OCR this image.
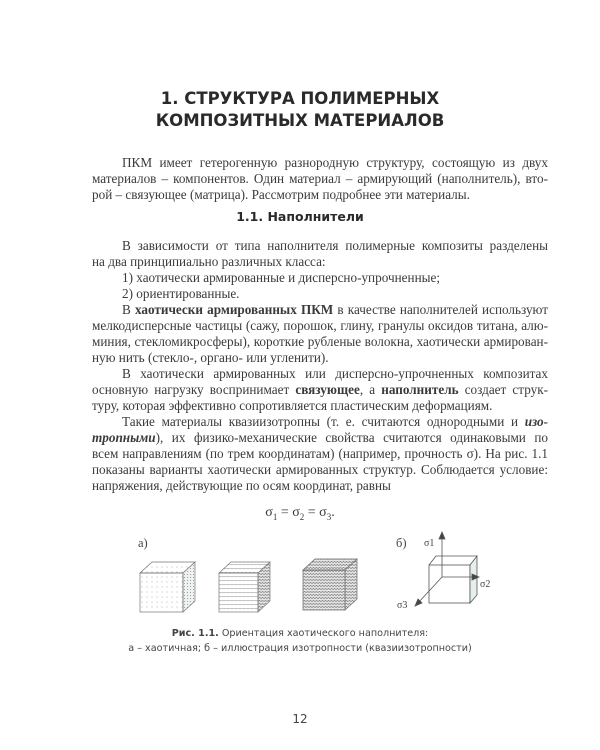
1. СТРУКТУРА ПОЛИМЕРНЫХ
КОМПОЗИТНЫХ МАТЕРИАЛОВ
ПКМ имеет гетерогенную разнородную структуру, состоящую из двух
материалов – компонентов. Один материал – армирующий (наполнитель), вто-
рой – связующее (матрица). Рассмотрим подробнее эти материалы.
1.1. Наполнители
В зависимости от типа наполнителя полимерные композиты разделены
на два принципиально различных класса:
1) хаотически армированные и дисперсно-упрочненные;
2) ориентированные.
В хаотически армированных ПКМ в качестве наполнителей используют
мелкодисперсные частицы (сажу, порошок, глину, гранулы оксидов титана, алю-
миния, стекломикросферы), короткие рубленые волокна, хаотически армирован-
ную нить (стекло-, органо- или угленити).
В хаотически армированных или дисперсно-упрочненных композитах
основную нагрузку воспринимает связующее, а наполнитель создает струк-
туру, которая эффективно сопротивляется пластическим деформациям.
Такие материалы квазиизотропны (т. е. считаются однородными и изо-
тропными), их физико-механические свойства считаются одинаковыми по
всем направлениям (по трем координатам) (например, прочность σ). На рис. 1.1
показаны варианты хаотически армированных структур. Соблюдается условие:
напряжения, действующие по осям координат, равны
$\sigma_1 = \sigma_2 = \sigma_3$.
а)	б) σ1
σ2
σ3
Рис. 1.1. Ориентация хаотического наполнителя:
а – хаотичная; б – иллюстрация изотропности (квазиизотропности)
12
